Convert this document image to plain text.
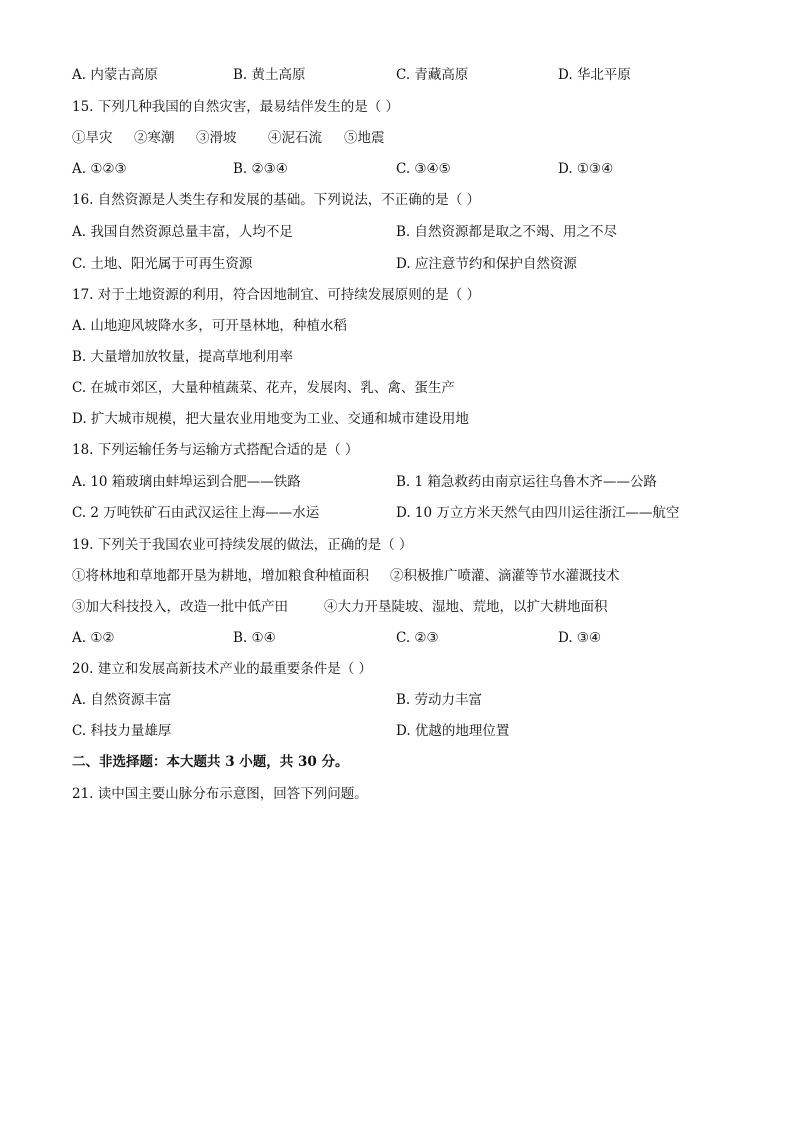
A. 内蒙古高原	B. 黄土高原	C. 青藏高原	D. 华北平原
15. 下列几种我国的自然灾害，最易结伴发生的是（ ）
①旱灾 ②寒潮 ③滑坡 ④泥石流 ⑤地震
A. ①②③	B. ②③④	C. ③④⑤	D. ①③④
16. 自然资源是人类生存和发展的基础。下列说法，不正确的是（ ）
A. 我国自然资源总量丰富，人均不足	B. 自然资源都是取之不竭、用之不尽
C. 土地、阳光属于可再生资源	D. 应注意节约和保护自然资源
17. 对于土地资源的利用，符合因地制宜、可持续发展原则的是（ ）
A. 山地迎风坡降水多，可开垦林地，种植水稻
B. 大量增加放牧量，提高草地利用率
C. 在城市郊区，大量种植蔬菜、花卉，发展肉、乳、禽、蛋生产
D. 扩大城市规模，把大量农业用地变为工业、交通和城市建设用地
18. 下列运输任务与运输方式搭配合适的是（ ）
A. 10 箱玻璃由蚌埠运到合肥——铁路	B. 1 箱急救药由南京运往乌鲁木齐——公路
C. 2 万吨铁矿石由武汉运往上海——水运	D. 10 万立方米天然气由四川运往浙江——航空
19. 下列关于我国农业可持续发展的做法，正确的是（ ）
①将林地和草地都开垦为耕地，增加粮食种植面积 ②积极推广喷灌、滴灌等节水灌溉技术
③加大科技投入，改造一批中低产田	④大力开垦陡坡、湿地、荒地，以扩大耕地面积
A. ①②	B. ①④	C. ②③	D. ③④
20. 建立和发展高新技术产业的最重要条件是（ ）
A. 自然资源丰富	B. 劳动力丰富
C. 科技力量雄厚	D. 优越的地理位置
二、非选择题：本大题共 3 小题，共 30 分。
21. 读中国主要山脉分布示意图，回答下列问题。
